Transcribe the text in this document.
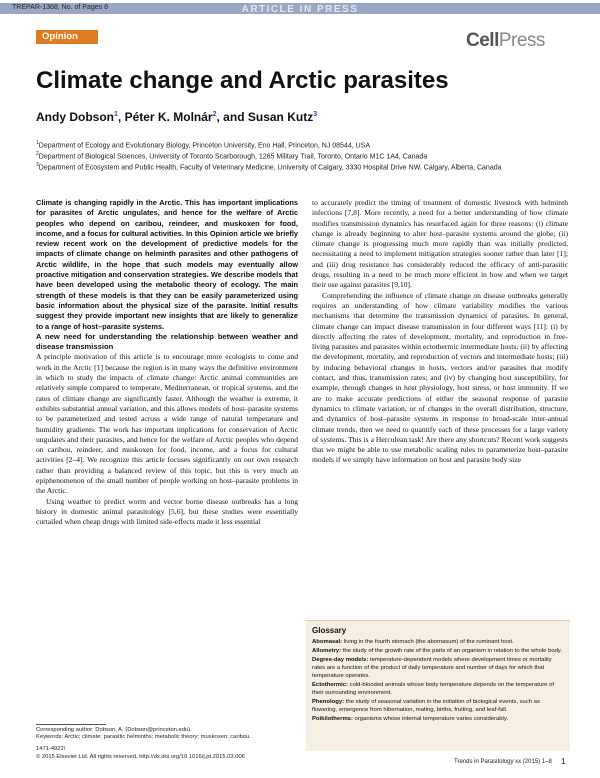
TREPAR-1368; No. of Pages 8	ARTICLE IN PRESS
Opinion	CellPress
Climate change and Arctic parasites
Andy Dobson$^1$, Péter K. Molnár$^2$, and Susan Kutz$^3$
$^1$Department of Ecology and Evolutionary Biology, Princeton University, Eno Hall, Princeton, NJ 08544, USA
$^2$Department of Biological Sciences, University of Toronto Scarborough, 1265 Military Trail, Toronto, Ontario M1C 1A4, Canada
$^3$Department of Ecosystem and Public Health, Faculty of Veterinary Medicine, University of Calgary, 3330 Hospital Drive NW, Calgary, Alberta, Canada

Climate is changing rapidly in the Arctic. This has important implications for parasites of Arctic ungulates, and hence for the welfare of Arctic peoples who depend on caribou, reindeer, and muskoxen for food, income, and a focus for cultural activities. In this Opinion article we briefly review recent work on the development of predictive models for the impacts of climate change on helminth parasites and other pathogens of Arctic wildlife, in the hope that such models may eventually allow proactive mitigation and conservation strategies. We describe models that have been developed using the metabolic theory of ecology. The main strength of these models is that they can be easily parameterized using basic information about the physical size of the parasite. Initial results suggest they provide important new insights that are likely to generalize to a range of host–parasite systems.

A new need for understanding the relationship between weather and disease transmission

A principle motivation of this article is to encourage more ecologists to come and work in the Arctic [1] because the region is in many ways the definitive environment in which to study the impacts of climate change: Arctic animal communities are relatively simple compared to temperate, Mediterranean, or tropical systems, and the rates of climate change are significantly faster. Although the weather is extreme, it exhibits substantial annual variation, and this allows models of host–parasite systems to be parameterized and tested across a wide range of natural temperature and humidity gradients. The work has important implications for conservation of Arctic ungulates and their parasites, and hence for the welfare of Arctic peoples who depend on caribou, reindeer, and muskoxen for food, income, and a focus for cultural activities [2–4]. We recognize this article focuses significantly on our own research rather than providing a balanced review of this topic, but this is very much an epiphenomenon of the small number of people working on host–parasite problems in the Arctic.

Using weather to predict worm and vector borne disease outbreaks has a long history in domestic animal parasitology [5,6], but these studies were essentially curtailed when cheap drugs with limited side-effects made it less essential

to accurately predict the timing of treatment of domestic livestock with helminth infections [7,8]. More recently, a need for a better understanding of how climate modifies transmission dynamics has resurfaced again for three reasons: (i) climate change is already beginning to alter host–parasite systems around the globe; (ii) climate change is progressing much more rapidly than was initially predicted, necessitating a need to implement mitigation strategies sooner rather than later [1]; and (iii) drug resistance has considerably reduced the efficacy of anti-parasitic drugs, resulting in a need to be much more efficient in how and when we target their use against parasites [9,10].

Comprehending the influence of climate change on disease outbreaks generally requires an understanding of how climate variability modifies the various mechanisms that determine the transmission dynamics of parasites. In general, climate change can impact disease transmission in four different ways [11]: (i) by directly affecting the rates of development, mortality, and reproduction in free-living parasites and parasites within ectothermic intermediate hosts; (ii) by affecting the development, mortality, and reproduction of vectors and intermediate hosts; (iii) by inducing behavioral changes in hosts, vectors and/or parasites that modify contact, and thus, transmission rates; and (iv) by changing host susceptibility, for example, through changes in host physiology, host stress, or host immunity. If we are to make accurate predictions of either the seasonal response of parasite dynamics to climate variation, or of changes in the overall distribution, structure, and dynamics of host–parasite systems in response to broad-scale inter-annual climate trends, then we need to quantify each of these processes for a large variety of systems. This is a Herculean task! Are there any shortcuts? Recent work suggests that we might be able to use metabolic scaling rules to parameterize host–parasite models if we simply have information on host and parasite body size

Glossary

Abomasal: living in the fourth stomach (the abomasum) of the ruminant host.

Allometry: the study of the growth rate of the parts of an organism in relation to the whole body.

Degree-day models: temperature-dependent models where development times or mortality rates are a function of the product of daily temperature and number of days for which that temperature operates.

Ectothermic: cold-blooded animals whose body temperature depends on the temperature of their surrounding environment.

Phenology: the study of seasonal variation in the initiation of biological events, such as flowering, emergence from hibernation, mating, births, fruiting, and leaf-fall.

Poikilotherms: organisms whose internal temperature varies considerably.

Corresponding author: Dobson, A. (Dobson@princeton.edu).
Keywords: Arctic; climate; parasitic helminths; metabolic theory; muskoxen; caribou.
1471-4922/
© 2015 Elsevier Ltd. All rights reserved. http://dx.doi.org/10.1016/j.pt.2015.03.006
Trends in Parasitology xx (2015) 1–8 1
